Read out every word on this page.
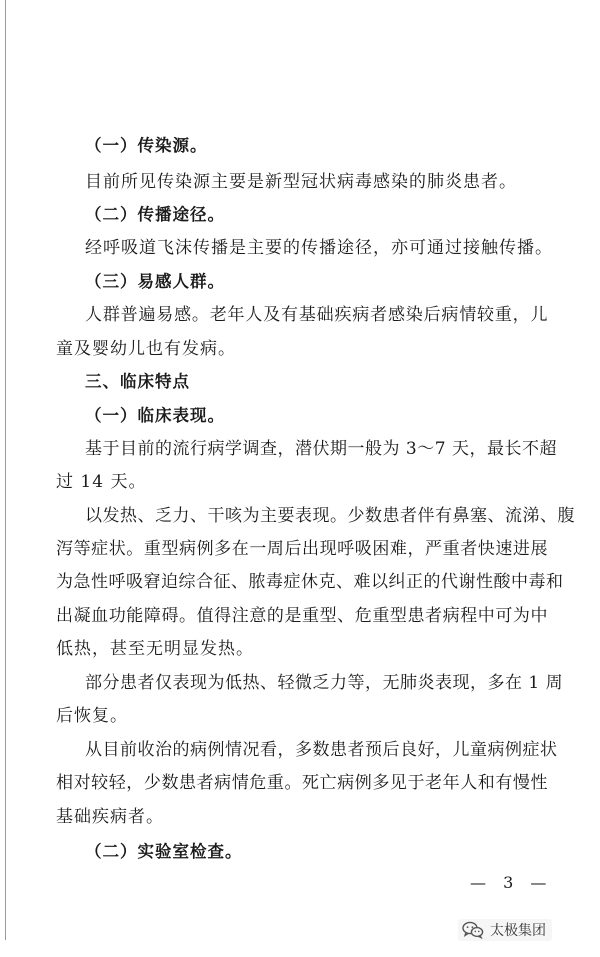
（一）传染源。
目前所见传染源主要是新型冠状病毒感染的肺炎患者。
（二）传播途径。
经呼吸道飞沫传播是主要的传播途径，亦可通过接触传播。
（三）易感人群。
人群普遍易感。老年人及有基础疾病者感染后病情较重，儿
童及婴幼儿也有发病。
三、临床特点
（一）临床表现。
基于目前的流行病学调查，潜伏期一般为 3～7 天，最长不超
过 14 天。
以发热、乏力、干咳为主要表现。少数患者伴有鼻塞、流涕、腹
泻等症状。重型病例多在一周后出现呼吸困难，严重者快速进展
为急性呼吸窘迫综合征、脓毒症休克、难以纠正的代谢性酸中毒和
出凝血功能障碍。值得注意的是重型、危重型患者病程中可为中
低热，甚至无明显发热。
部分患者仅表现为低热、轻微乏力等，无肺炎表现，多在 1 周
后恢复。
从目前收治的病例情况看，多数患者预后良好，儿童病例症状
相对较轻，少数患者病情危重。死亡病例多见于老年人和有慢性
基础疾病者。
（二）实验室检查。
— 3 —
太极集团
